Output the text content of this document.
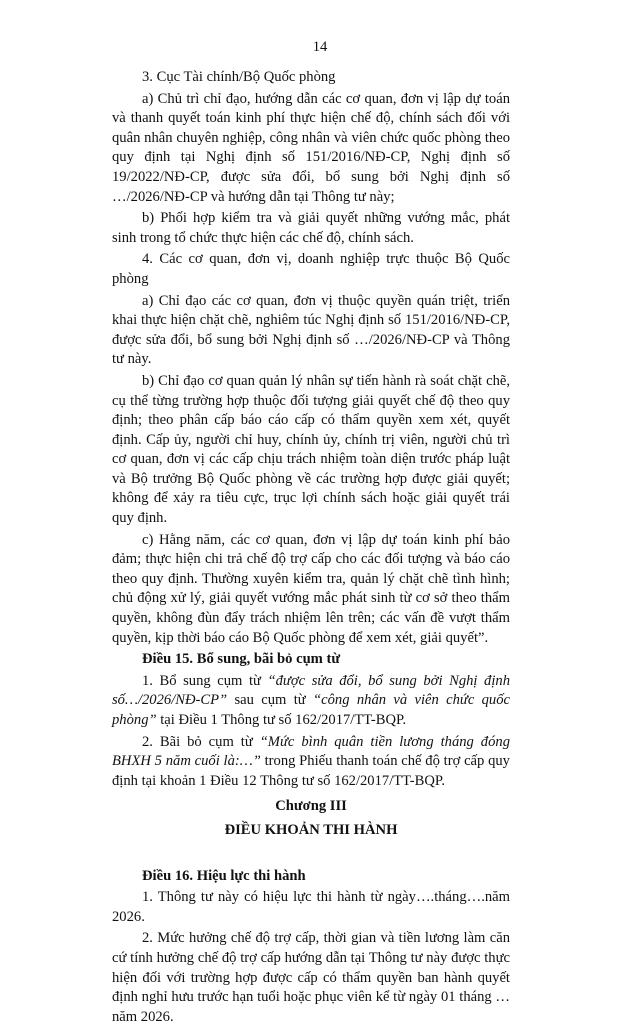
14

3. Cục Tài chính/Bộ Quốc phòng

a) Chủ trì chỉ đạo, hướng dẫn các cơ quan, đơn vị lập dự toán và thanh quyết toán kinh phí thực hiện chế độ, chính sách đối với quân nhân chuyên nghiệp, công nhân và viên chức quốc phòng theo quy định tại Nghị định số 151/2016/NĐ-CP, Nghị định số 19/2022/NĐ-CP, được sửa đổi, bổ sung bởi Nghị định số …/2026/NĐ-CP và hướng dẫn tại Thông tư này;

b) Phối hợp kiểm tra và giải quyết những vướng mắc, phát sinh trong tổ chức thực hiện các chế độ, chính sách.

4. Các cơ quan, đơn vị, doanh nghiệp trực thuộc Bộ Quốc phòng

a) Chỉ đạo các cơ quan, đơn vị thuộc quyền quán triệt, triển khai thực hiện chặt chẽ, nghiêm túc Nghị định số 151/2016/NĐ-CP, được sửa đổi, bổ sung bởi Nghị định số …/2026/NĐ-CP và Thông tư này.

b) Chỉ đạo cơ quan quản lý nhân sự tiến hành rà soát chặt chẽ, cụ thể từng trường hợp thuộc đối tượng giải quyết chế độ theo quy định; theo phân cấp báo cáo cấp có thẩm quyền xem xét, quyết định. Cấp ủy, người chỉ huy, chính ủy, chính trị viên, người chủ trì cơ quan, đơn vị các cấp chịu trách nhiệm toàn diện trước pháp luật và Bộ trưởng Bộ Quốc phòng về các trường hợp được giải quyết; không để xảy ra tiêu cực, trục lợi chính sách hoặc giải quyết trái quy định.

c) Hằng năm, các cơ quan, đơn vị lập dự toán kinh phí bảo đảm; thực hiện chi trả chế độ trợ cấp cho các đối tượng và báo cáo theo quy định. Thường xuyên kiểm tra, quản lý chặt chẽ tình hình; chủ động xử lý, giải quyết vướng mắc phát sinh từ cơ sở theo thẩm quyền, không đùn đẩy trách nhiệm lên trên; các vấn đề vượt thẩm quyền, kịp thời báo cáo Bộ Quốc phòng để xem xét, giải quyết”.

Điều 15. Bổ sung, bãi bỏ cụm từ

1. Bổ sung cụm từ “được sửa đổi, bổ sung bởi Nghị định số…/2026/NĐ-CP” sau cụm từ “công nhân và viên chức quốc phòng” tại Điều 1 Thông tư số 162/2017/TT-BQP.

2. Bãi bỏ cụm từ “Mức bình quân tiền lương tháng đóng BHXH 5 năm cuối là:…” trong Phiếu thanh toán chế độ trợ cấp quy định tại khoản 1 Điều 12 Thông tư số 162/2017/TT-BQP.

Chương III

ĐIỀU KHOẢN THI HÀNH

Điều 16. Hiệu lực thi hành

1. Thông tư này có hiệu lực thi hành từ ngày….tháng….năm 2026.

2. Mức hưởng chế độ trợ cấp, thời gian và tiền lương làm căn cứ tính hưởng chế độ trợ cấp hướng dẫn tại Thông tư này được thực hiện đối với trường hợp được cấp có thẩm quyền ban hành quyết định nghỉ hưu trước hạn tuổi hoặc phục viên kể từ ngày 01 tháng … năm 2026.
